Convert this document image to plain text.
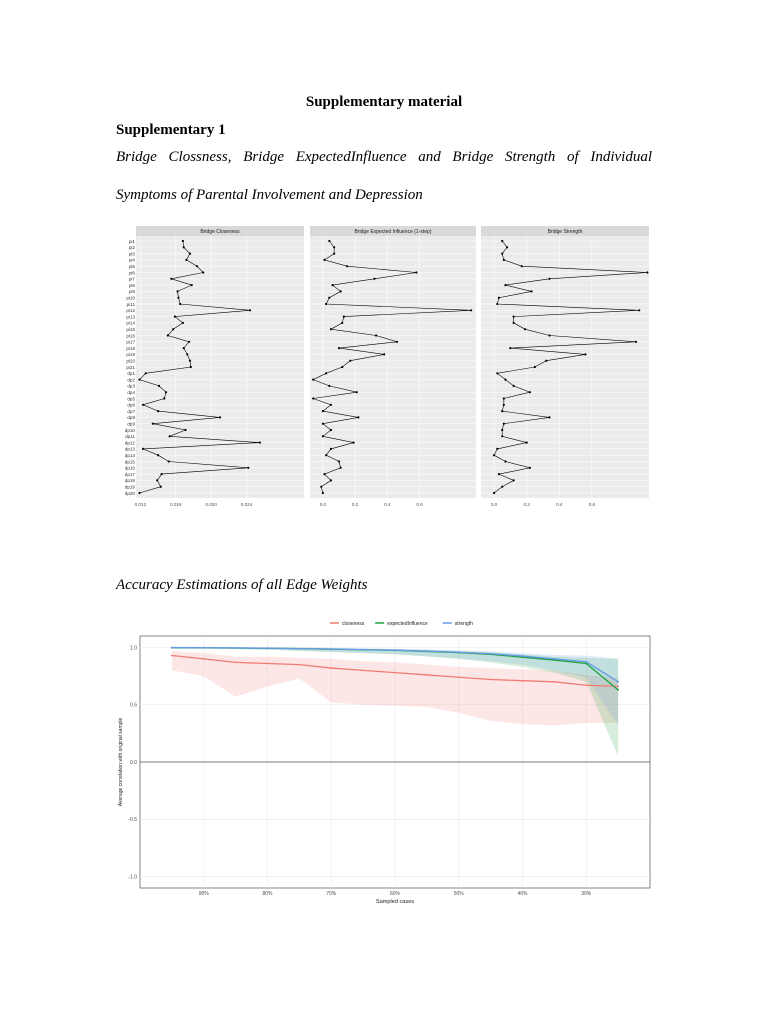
Supplementary material
Supplementary 1
Bridge Clossness, Bridge ExpectedInfluence and Bridge Strength of Individual
Symptoms of Parental Involvement and Depression
pi1
pi2
pi3
pi4
pi5
pi6
pi7
pi8
pi9
pi10
pi11
pi12
pi13
pi14
pi15
pi16
pi17
pi18
pi19
pi20
pi21
dp1
dp2
dp3
dp4
dp5
dp6
dp7
dp8
dp9
dp10
dp11
dp12
dp13
dp14
dp15
dp16
dp17
dp18
dp19
dp20
Bridge Closeness
0.012	0.016	0.020	0.024
Bridge Expected Influence (1-step)
0.0	0.2	0.4	0.6
Bridge Strength
0.0	0.2	0.4	0.6
Accuracy Estimations of all Edge Weights
1.0
0.5
0.0
-0.5
-1.0
90%	80%	70%	60%	50%	40%	30%
closeness	expectedInfluence	strength
Sampled cases
Average correlation with original sample
